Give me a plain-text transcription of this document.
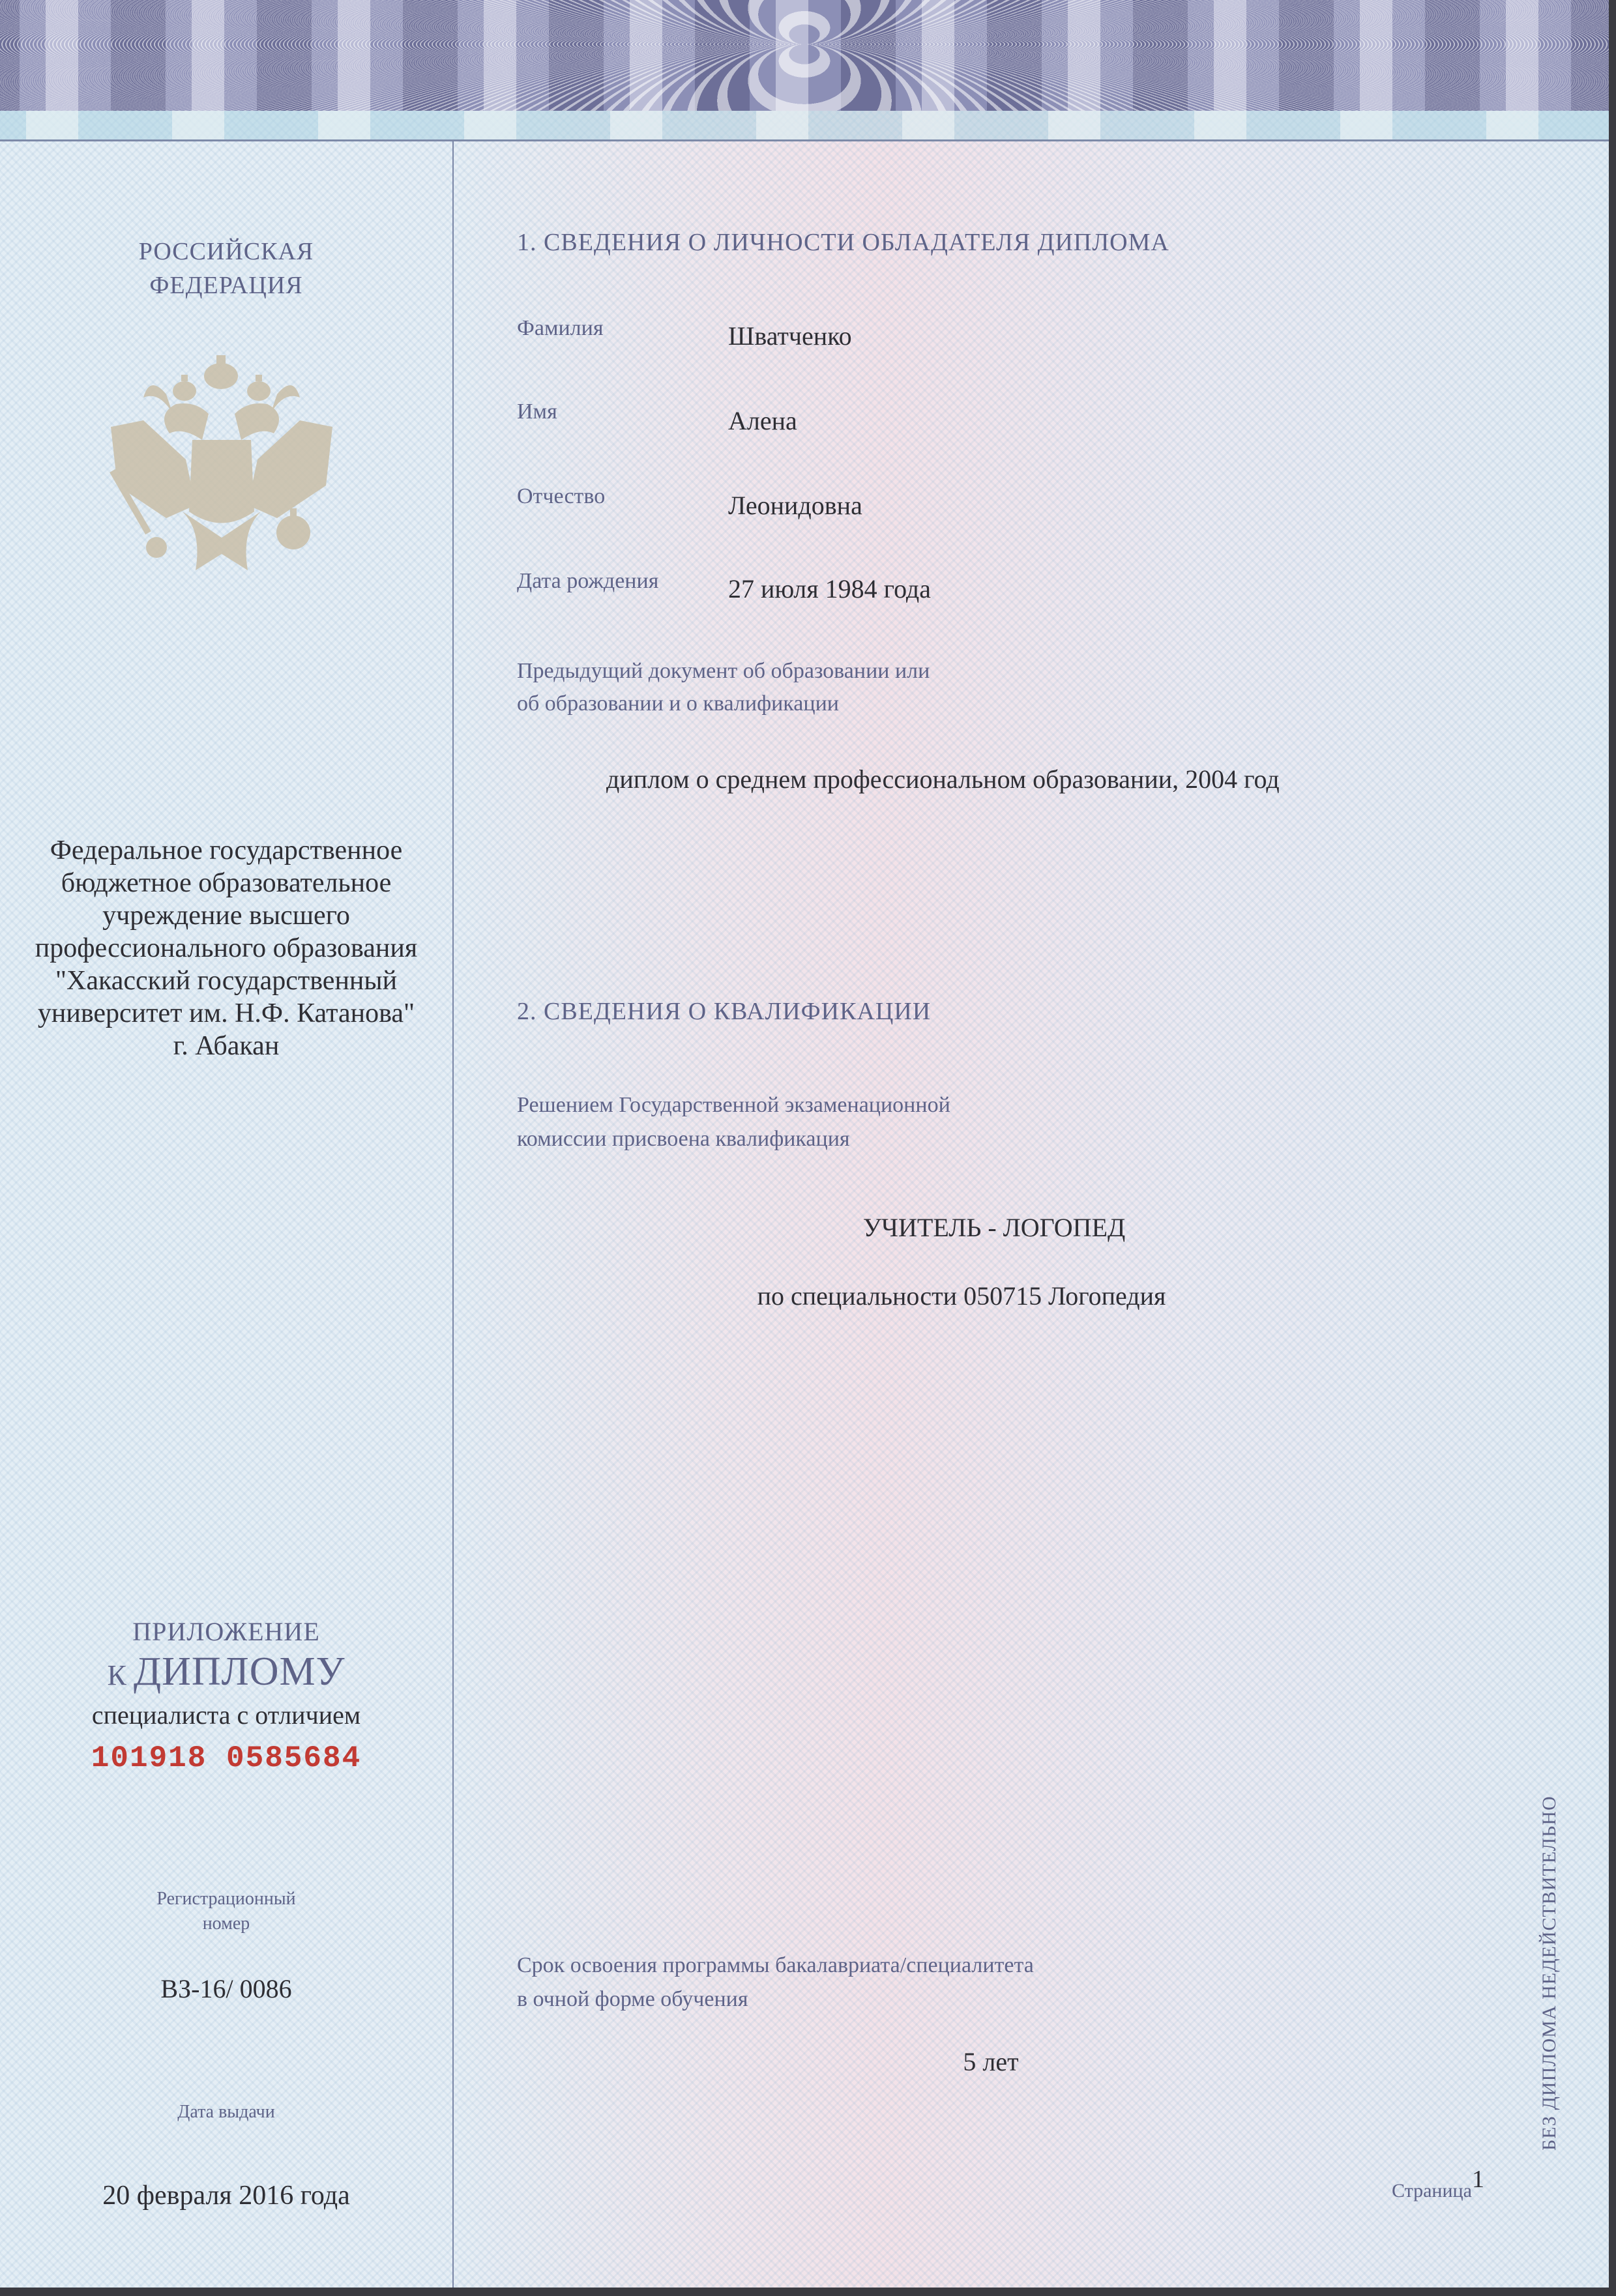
РОССИЙСКАЯ
ФЕДЕРАЦИЯ
Федеральное государственное
бюджетное образовательное
учреждение высшего
профессионального образования
"Хакасский государственный
университет им. Н.Ф. Катанова"
г. Абакан
ПРИЛОЖЕНИЕ
К ДИПЛОМУ
специалиста с отличием
101918 0585684
Регистрационный
номер
ВЗ-16/ 0086
Дата выдачи
20 февраля 2016 года
1. СВЕДЕНИЯ О ЛИЧНОСТИ ОБЛАДАТЕЛЯ ДИПЛОМА
Фамилия	Шватченко
Имя	Алена
Отчество	Леонидовна
Дата рождения	27 июля 1984 года
Предыдущий документ об образовании или
об образовании и о квалификации
диплом о среднем профессиональном образовании, 2004 год
2. СВЕДЕНИЯ О КВАЛИФИКАЦИИ
Решением Государственной экзаменационной
комиссии присвоена квалификация
УЧИТЕЛЬ - ЛОГОПЕД
по специальности 050715 Логопедия
Срок освоения программы бакалавриата/специалитета
в очной форме обучения
5 лет	БЕЗ ДИПЛОМА НЕДЕЙСТВИТЕЛЬНО
Страница 1
